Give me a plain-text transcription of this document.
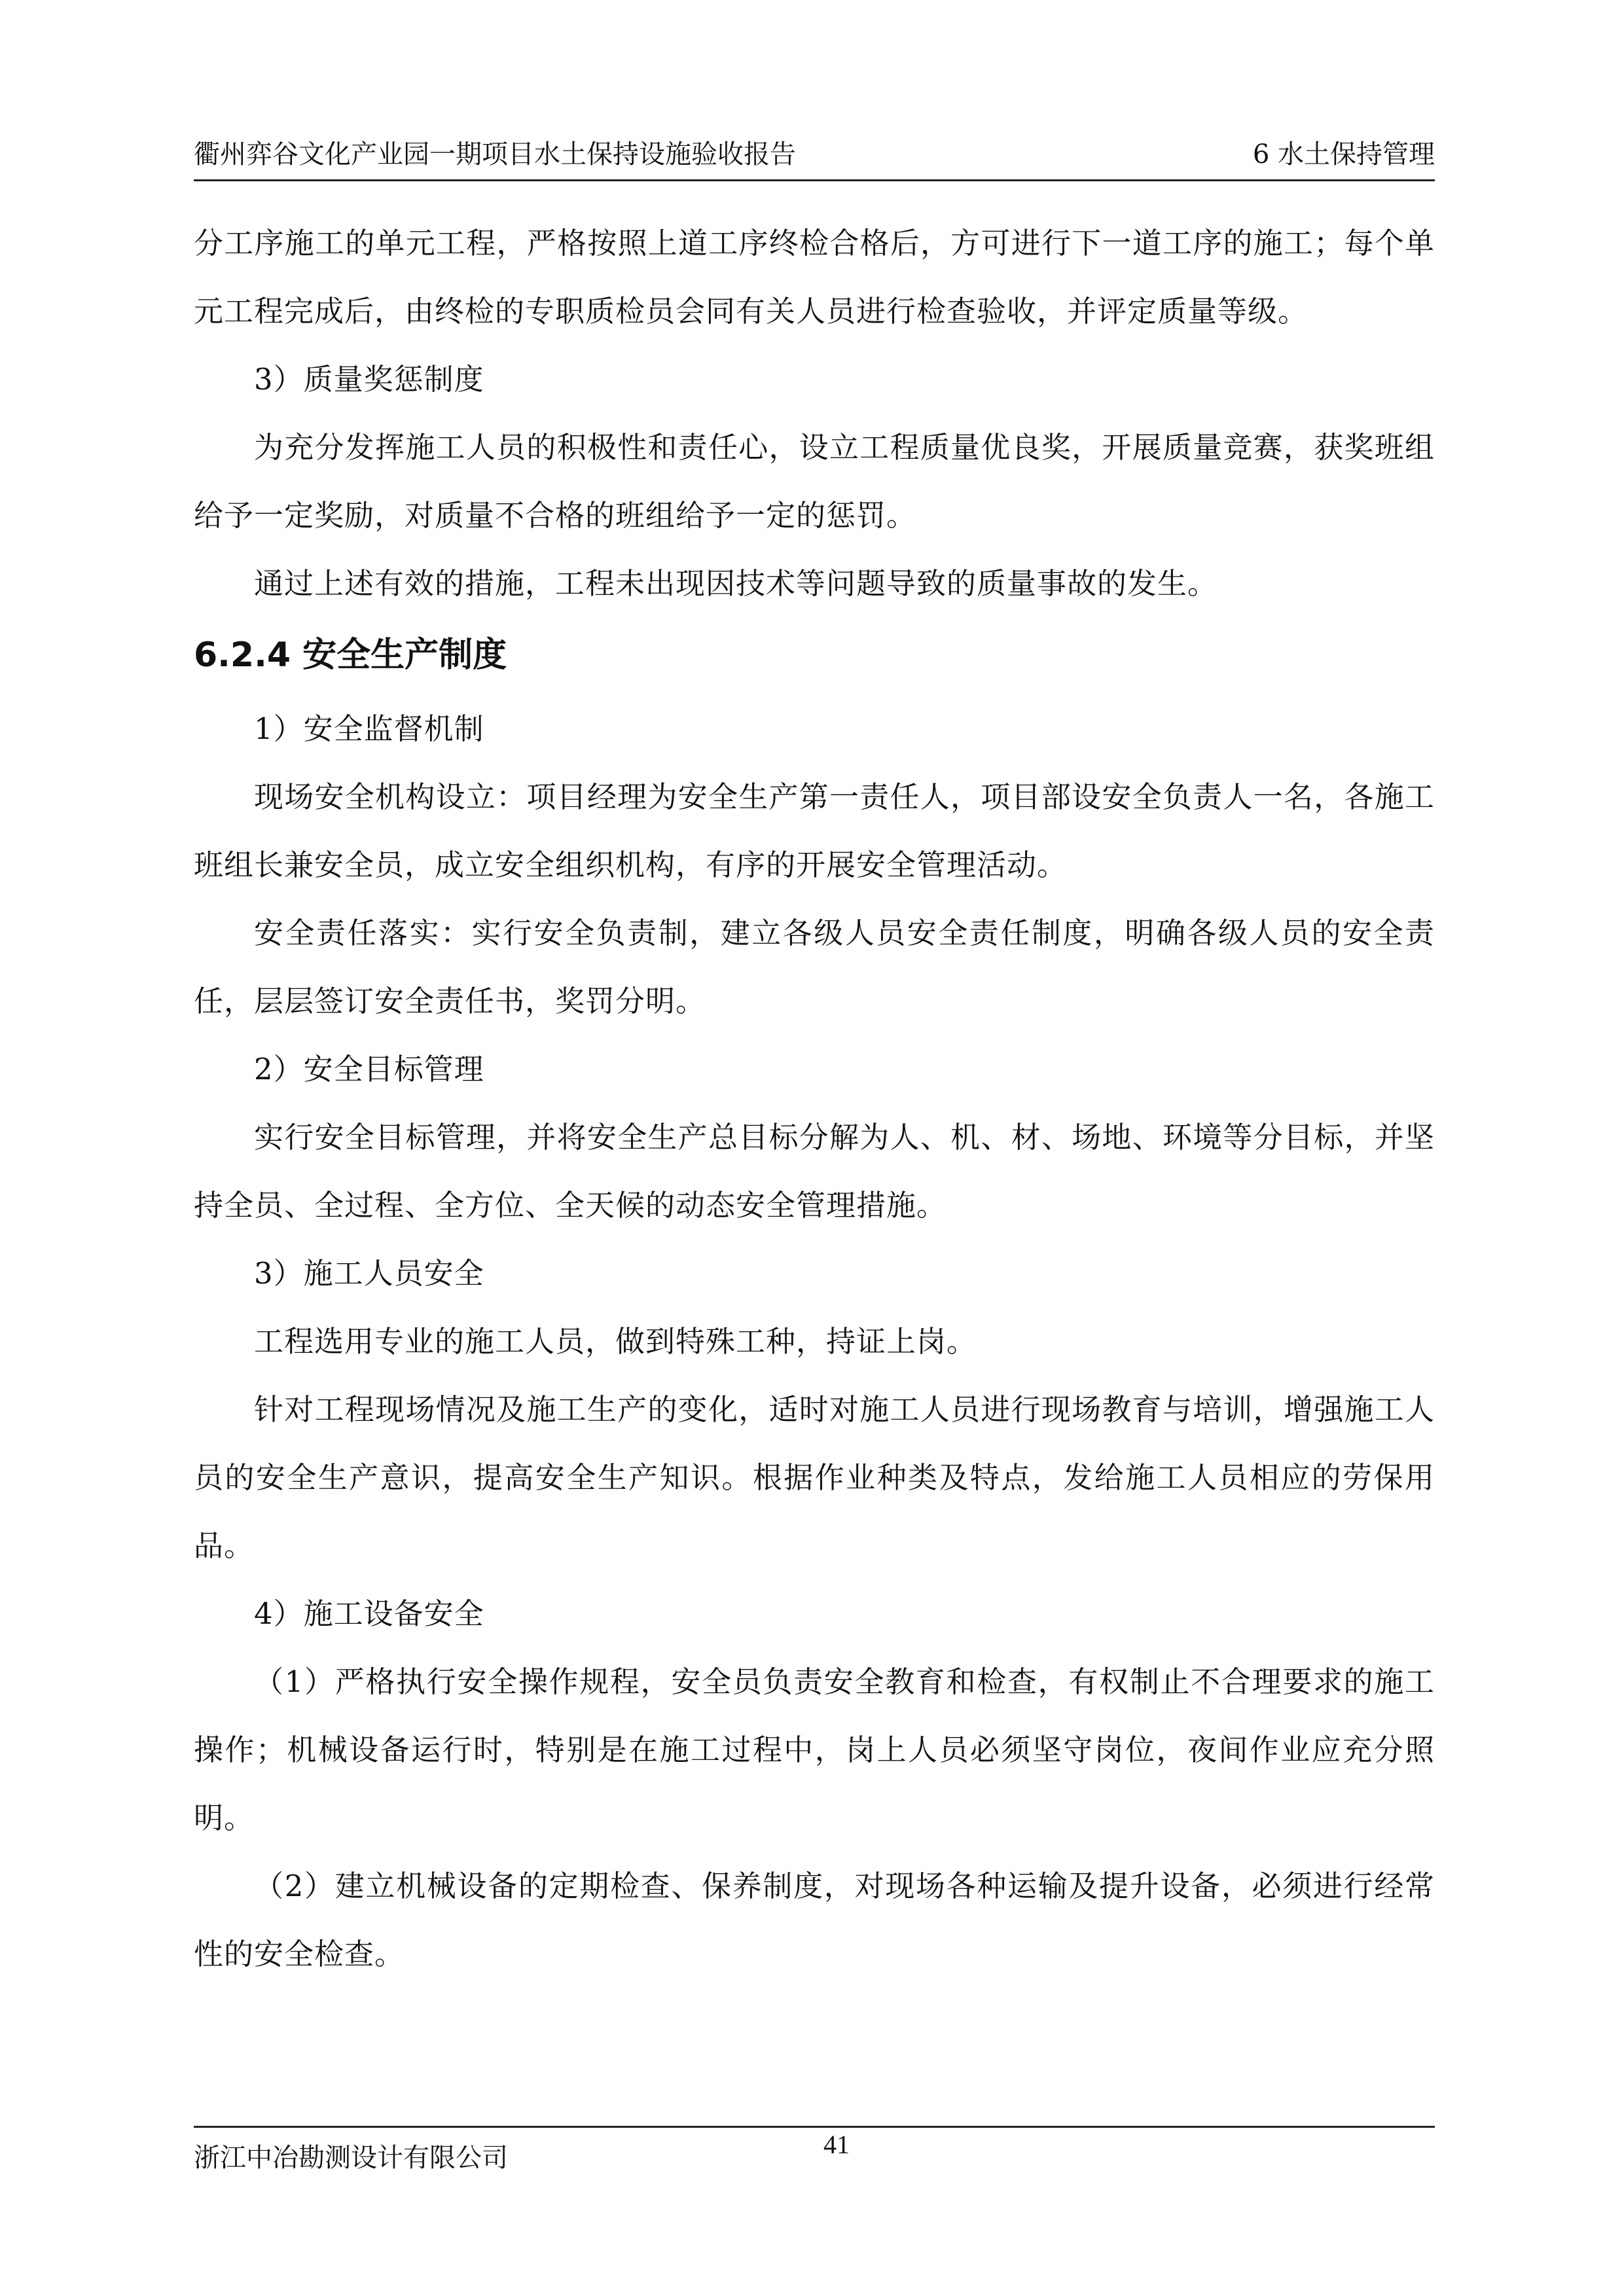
衢州弈谷文化产业园一期项目水土保持设施验收报告	6 水土保持管理

分工序施工的单元工程，严格按照上道工序终检合格后，方可进行下一道工序的施工；每个单元工程完成后，由终检的专职质检员会同有关人员进行检查验收，并评定质量等级。

3）质量奖惩制度

为充分发挥施工人员的积极性和责任心，设立工程质量优良奖，开展质量竞赛，获奖班组给予一定奖励，对质量不合格的班组给予一定的惩罚。

通过上述有效的措施，工程未出现因技术等问题导致的质量事故的发生。

6.2.4 安全生产制度

1）安全监督机制

现场安全机构设立：项目经理为安全生产第一责任人，项目部设安全负责人一名，各施工班组长兼安全员，成立安全组织机构，有序的开展安全管理活动。

安全责任落实：实行安全负责制，建立各级人员安全责任制度，明确各级人员的安全责任，层层签订安全责任书，奖罚分明。

2）安全目标管理

实行安全目标管理，并将安全生产总目标分解为人、机、材、场地、环境等分目标，并坚持全员、全过程、全方位、全天候的动态安全管理措施。

3）施工人员安全

工程选用专业的施工人员，做到特殊工种，持证上岗。

针对工程现场情况及施工生产的变化，适时对施工人员进行现场教育与培训，增强施工人员的安全生产意识，提高安全生产知识。根据作业种类及特点，发给施工人员相应的劳保用品。

4）施工设备安全

（1）严格执行安全操作规程，安全员负责安全教育和检查，有权制止不合理要求的施工操作；机械设备运行时，特别是在施工过程中，岗上人员必须坚守岗位，夜间作业应充分照明。

（2）建立机械设备的定期检查、保养制度，对现场各种运输及提升设备，必须进行经常性的安全检查。

浙江中冶勘测设计有限公司	41
